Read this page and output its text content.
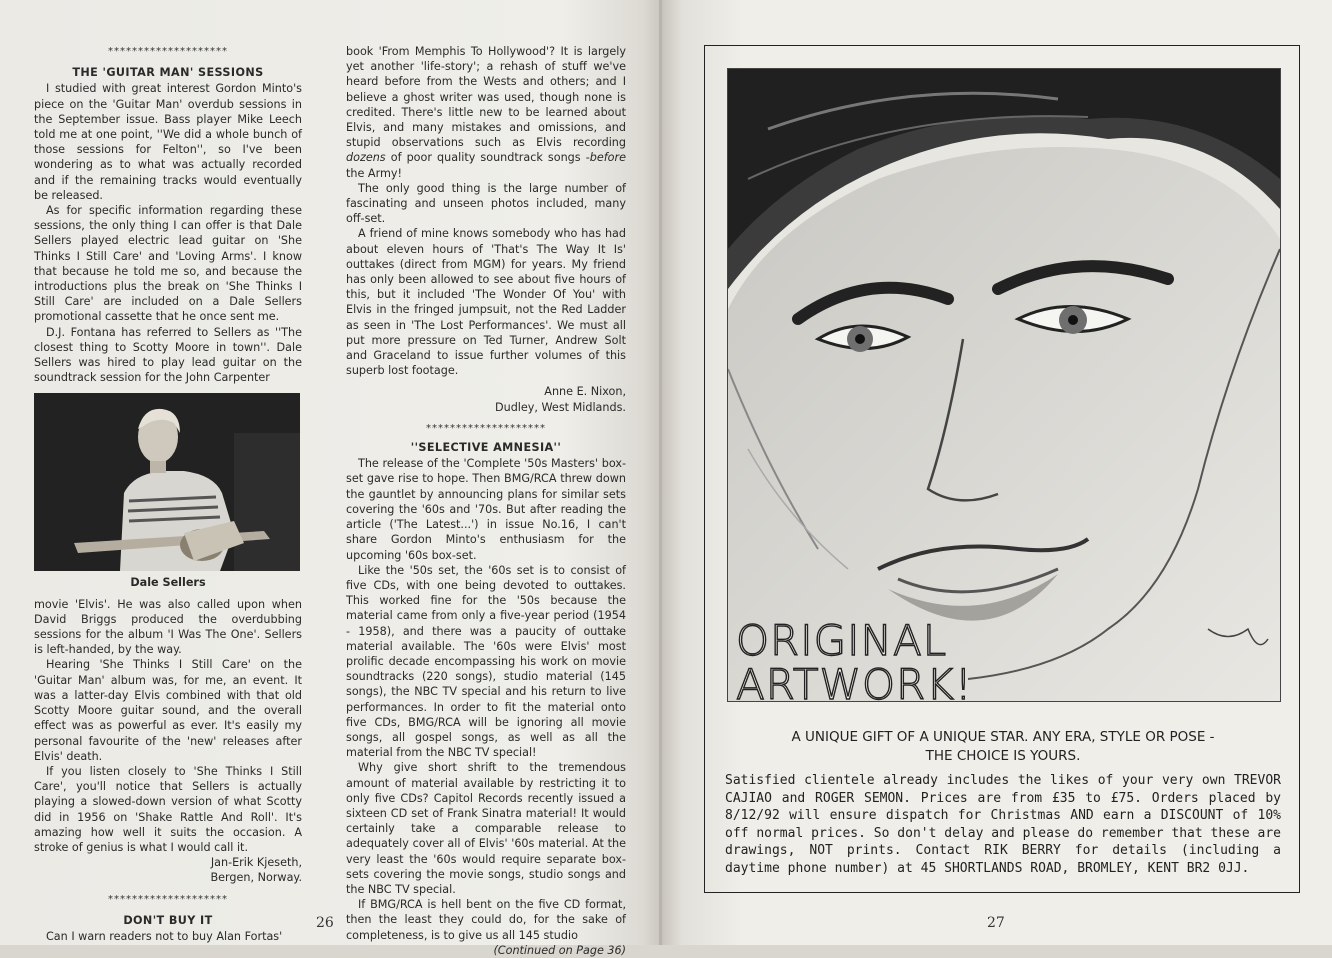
********************
THE 'GUITAR MAN' SESSIONS

I studied with great interest Gordon Minto's piece on the 'Guitar Man' overdub sessions in the September issue. Bass player Mike Leech told me at one point, ''We did a whole bunch of those sessions for Felton'', so I've been wondering as to what was actually recorded and if the remaining tracks would eventually be released.

As for specific information regarding these sessions, the only thing I can offer is that Dale Sellers played electric lead guitar on 'She Thinks I Still Care' and 'Loving Arms'. I know that because he told me so, and because the introductions plus the break on 'She Thinks I Still Care' are included on a Dale Sellers promotional cassette that he once sent me.

D.J. Fontana has referred to Sellers as ''The closest thing to Scotty Moore in town''. Dale Sellers was hired to play lead guitar on the soundtrack session for the John Carpenter

Dale Sellers

movie 'Elvis'. He was also called upon when David Briggs produced the overdubbing sessions for the album 'I Was The One'. Sellers is left-handed, by the way.

Hearing 'She Thinks I Still Care' on the 'Guitar Man' album was, for me, an event. It was a latter-day Elvis combined with that old Scotty Moore guitar sound, and the overall effect was as powerful as ever. It's easily my personal favourite of the 'new' releases after Elvis' death.

If you listen closely to 'She Thinks I Still Care', you'll notice that Sellers is actually playing a slowed-down version of what Scotty did in 1956 on 'Shake Rattle And Roll'. It's amazing how well it suits the occasion. A stroke of genius is what I would call it.

Jan-Erik Kjeseth,

Bergen, Norway.

********************
DON'T BUY IT

Can I warn readers not to buy Alan Fortas'

book 'From Memphis To Hollywood'? It is largely yet another 'life-story'; a rehash of stuff we've heard before from the Wests and others; and I believe a ghost writer was used, though none is credited. There's little new to be learned about Elvis, and many mistakes and omissions, and stupid observations such as Elvis recording dozens of poor quality soundtrack songs -before the Army!

The only good thing is the large number of fascinating and unseen photos included, many off-set.

A friend of mine knows somebody who has had about eleven hours of 'That's The Way It Is' outtakes (direct from MGM) for years. My friend has only been allowed to see about five hours of this, but it included 'The Wonder Of You' with Elvis in the fringed jumpsuit, not the Red Ladder as seen in 'The Lost Performances'. We must all put more pressure on Ted Turner, Andrew Solt and Graceland to issue further volumes of this superb lost footage.

Anne E. Nixon,

Dudley, West Midlands.

********************
''SELECTIVE AMNESIA''

The release of the 'Complete '50s Masters' box-set gave rise to hope. Then BMG/RCA threw down the gauntlet by announcing plans for similar sets covering the '60s and '70s. But after reading the article ('The Latest...') in issue No.16, I can't share Gordon Minto's enthusiasm for the upcoming '60s box-set.

Like the '50s set, the '60s set is to consist of five CDs, with one being devoted to outtakes. This worked fine for the '50s because the material came from only a five-year period (1954 - 1958), and there was a paucity of outtake material available. The '60s were Elvis' most prolific decade encompassing his work on movie soundtracks (220 songs), studio material (145 songs), the NBC TV special and his return to live performances. In order to fit the material onto five CDs, BMG/RCA will be ignoring all movie songs, all gospel songs, as well as all the material from the NBC TV special!

Why give short shrift to the tremendous amount of material available by restricting it to only five CDs? Capitol Records recently issued a sixteen CD set of Frank Sinatra material! It would certainly take a comparable release to adequately cover all of Elvis' '60s material. At the very least the '60s would require separate box-sets covering the movie songs, studio songs and the NBC TV special.

If BMG/RCA is hell bent on the five CD format, then the least they could do, for the sake of completeness, is to give us all 145 studio

(Continued on Page 36)

26
ORIGINAL
ARTWORK!
A UNIQUE GIFT OF A UNIQUE STAR. ANY ERA, STYLE OR POSE -
THE CHOICE IS YOURS.
Satisfied clientele already includes the likes of your very own TREVOR CAJIAO and ROGER SEMON. Prices are from £35 to £75. Orders placed by 8/12/92 will ensure dispatch for Christmas AND earn a DISCOUNT of 10% off normal prices. So don't delay and please do remember that these are drawings, NOT prints. Contact RIK BERRY for details (including a daytime phone number) at 45 SHORTLANDS ROAD, BROMLEY, KENT BR2 0JJ.
27
